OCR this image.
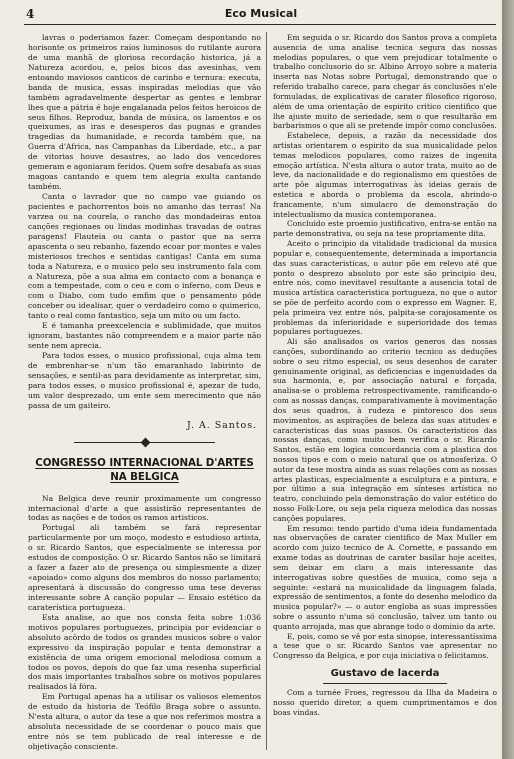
4	Eco Musical

lavras o poderiamos fazer. Começam despontando no horisonte os primeiros raios luminosos do rutilante aurora de uma manhã de gloriosa recordação historica, já a Natureza acordou, e, pelos bicos das avesinhas, vem entoando maviosos canticos de carinho e ternura: executa, banda de musica, essas inspiradas melodias que vão também agradavelmente despertar as gentes e lembrar lhes que a pátria é hoje engalanada pelos feitos heroicos de seus filhos. Reproduz, banda de música, os lamentos e os queixumes, as iras e desesperos das pugnas e grandes tragedias da humanidade, e recorda também que, na Guerra d'Africa, nas Campanhas da Liberdade, etc., a par de vitorias houve desastres, ao lado dos vencedores gemeram e agoniaram feridos. Quem sofre desabafa as suas magoas cantando e quem tem alegria exulta cantando também.

Canta o lavrador que no campo vae guiando os pacientes e pachorrentos bois no amanho das terras! Na varzea ou na courela, o rancho das mondadeiras entoa canções regionaes ou lindas modinhas travadas de outras paragens! Flauteia ou canta o pastor que na serra apascenta o seu rebanho, fazendo ecoar por montes e vales misteriosos trechos e sentidas cantigas! Canta em suma toda a Natureza, e o musico pelo seu instrumento fala com a Natureza, põe a sua alma em contacto com a bonança e com a tempestade, com o ceu e com o inferno, com Deus e com o Diabo, com tudo emfim que o pensamento póde conceber ou idealisar, quer o verdadeiro como o quimerico, tanto o real como fantastico, seja um mito ou um facto.

E é tamanha preexcelencia e sublimidade, que muitos ignoram, bastantes não compreendem e a maior parte não sente nem aprecia.

Para todos esses, o musico profissional, cuja alma tem de embrenhar-se n'um tão emaranhado labirinto de sensações, e sentil-as para devidamente as interpretar, sim, para todos esses, o musico profissional é, apezar de tudo, um valor desprezado, um ente sem merecimento que não passa de um gaiteiro.

J. A. Santos.
CONGRESSO INTERNACIONAL D'ARTES NA BELGICA

Na Belgica deve reunir proximamente um congresso internacional d'arte a que assistirão representantes de todas as nações e de todos os ramos artisticos.

Portugal ali também se fará representar particularmente por um moço, modesto e estudioso artista, o sr. Ricardo Santos, que especialmente se interessa por estudos de composição. O sr. Ricardo Santos não se limitará a fazer a fazer ato de presença ou simplesmente a dizer «apoiado» como alguns dos membros do nosso parlamento; apresentará à discussão do congresso uma tese deveras interessante sobre A canção popular — Ensaio estético da caraterística portugueza.

Esta analise, ao que nos consta feita sobre 1:036 motivos populares portuguezes, principia por evidenciar o absoluto acôrdo de todos os grandes musicos sobre o valor expressivo da inspiração popular e tenta demonstrar a existência de uma origem emocional melodiosa comum a todos os povos, depois do que faz uma resenha superficial dos mais importantes trabalhos sobre os motivos populares realisados lá fóra.

Em Portugal apenas ha a utilisar os valiosos elementos de estudo da historia de Teófilo Braga sobre o assunto. N'esta altura, o autor da tese a que nos referimos mostra a absoluta necessidade de se coordenar o pouco mais que entre nós se tem publicado de real interesse e de objetivação consciente.

Em seguida o sr. Ricardo dos Santos prova a completa ausencia de uma analise tecnica segura das nossas melodias populares, o que vem prejudicar totalmente o trabalho conclusorio do sr. Albino Arroyo sobre a materia inserta nas Notas sobre Portugal, demonstrando que o referido trabalho carece, para chegar ás conclusões n'ele formuladas, de explicativas de carater filosofico rigoroso, além de uma orientação de espirito critico cientifico que lhe ajuste muito de seriedade, sem o que resultarão em barbarismos o que ali se pretende impôr como conclusões.

Estabelece, depois, a razão da necessidade dos artistas orientarem o espirito da sua musicalidade pelos temas melodicos populares, como raizes de ingenita emoção artística. N'esta altura o autor trata, muito ao de leve, da nacionalidade e do regionalismo em questões de arte pôe algumas interrogativas às ideias gerais de estetica e aborda o problema da escola, abrindo-o francamente, n'um simulacro de demonstração do intelectualismo da musica contemporanea.

Concluido este proemio justificativo, entra-se então na parte demonstrativa, ou seja na tese propriamente dita.

Aceito o principio da vitalidade tradicional da musica popular e, consequentemente, determinada a importancia das suas caracteristicas, o autor põe em relevo até que ponto o desprezo absoluto por este são principio deu, entre nós, como inevitavel resultante a ausencia total de musica artística caracteristica portugueza, no que o autor se põe de perfeito acordo com o expresso em Wagner. E, pela primeira vez entre nós, palpita-se corajosamente os problemas da inferioridade e superioridade dos temas populares portuguezes.

Ali são analisados os varios generos das nossas canções, subordinando ao criterio tecnico as deduções sobre o seu ritmo especial, os seus desenhos de carater genuinamente original, as deficiencias e ingenuidades da sua harmonia, e, por associação natural e forçada, analisa-se o problema retrospectivamente, ramificando-o com as nossas danças, comparativamente à movimentação dos seus quadros, à rudeza e pintoresco dos seus movimentos, as aspirações de beleza das suas atitudes e caracteristicas das suas passos. Os caracteristicos das nossas danças, como muito bem verifica o sr. Ricardo Santos, estão em logica concordancia com a plastica dos nossos tipos e com o meio natural que os atmosferiza. O autor da tese mostra ainda as suas relações com as nossas artes plasticas, especialmente a esculptura e a pintura, e por último a sua integração em sínteses artística no teatro, concluindo pela demonstração do valor estético do nosso Folk-Lore, ou seja pela riqueza melodica das nossas canções populares.

Em resumo: tendo partido d'uma ideia fundamentada nas observações de carater cientifico de Max Muller em acordo com juizo tecnico de A. Cornette, e passando em exame todas as doutrinas de carater basilar hoje aceites, sem deixar em claro a mais interessante das interrogativas sobre questões de musica, como seja a seguinte: «estará na musicalidade da linguagem falada, expressão de sentimentos, a fonte do desenho melodico da musica popular?» — o autor engloba as suas impressões sobre o assunto n'uma só conclusão, talvez um tanto ou quanto arrojada, mas que abrange todo o dominio da arte.

E, pois, como se vê por esta sinopse, interessantíssima a tese que o sr. Ricardo Santos vae apresentar no Congresso da Belgica, e por cuja iniciativa o felicitamos.

Gustavo de lacerda

Com a turnée Froes, regressou da Ilha da Madeira o nosso querido diretor, a quem cumprimentamos e dos boas vindas.
